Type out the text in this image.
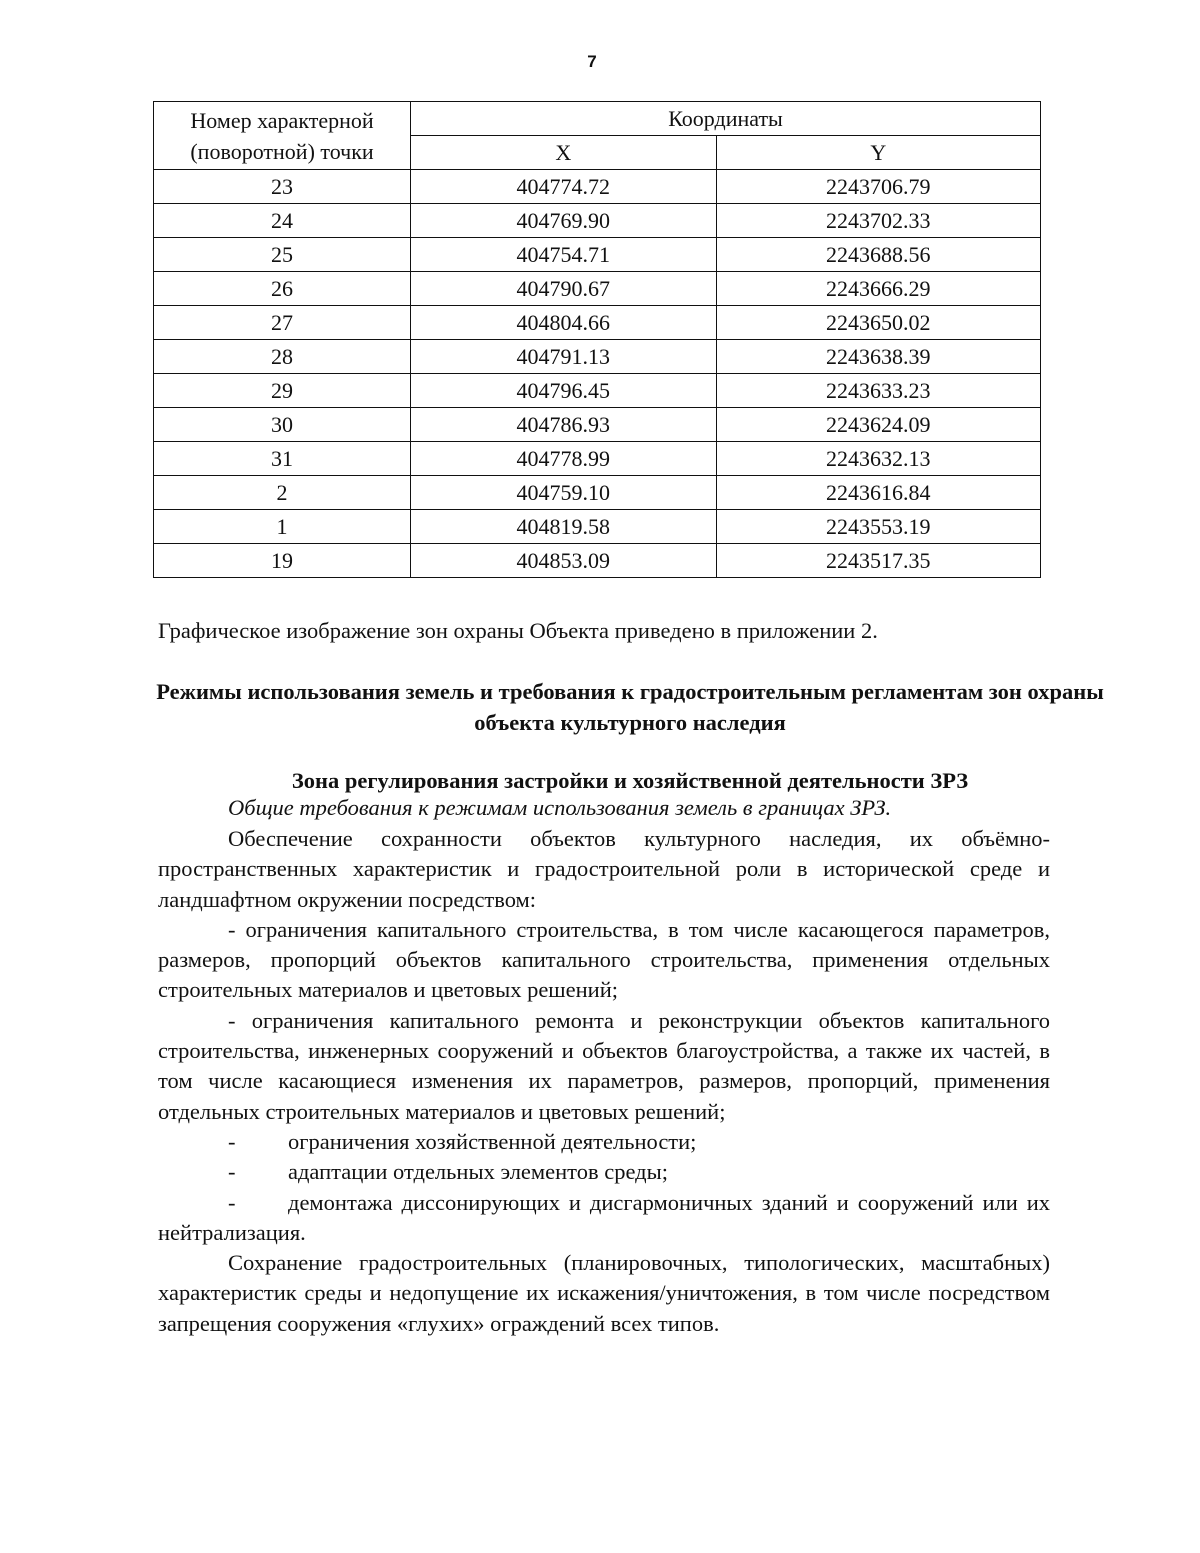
7
Номер характерной (поворотной) точки	Координаты	
	X	Y
23	404774.72	2243706.79
24	404769.90	2243702.33
25	404754.71	2243688.56
26	404790.67	2243666.29
27	404804.66	2243650.02
28	404791.13	2243638.39
29	404796.45	2243633.23
30	404786.93	2243624.09
31	404778.99	2243632.13
2	404759.10	2243616.84
1	404819.58	2243553.19
19	404853.09	2243517.35
Графическое изображение зон охраны Объекта приведено в приложении 2.
Режимы использования земель и требования к градостроительным регламентам зон охраны объекта культурного наследия
Зона регулирования застройки и хозяйственной деятельности ЗРЗ
Общие требования к режимам использования земель в границах ЗРЗ.

Обеспечение сохранности объектов культурного наследия, их объёмно-пространственных характеристик и градостроительной роли в исторической среде и ландшафтном окружении посредством:

- ограничения капитального строительства, в том числе касающегося параметров, размеров, пропорций объектов капитального строительства, применения отдельных строительных материалов и цветовых решений;

- ограничения капитального ремонта и реконструкции объектов капитального строительства, инженерных сооружений и объектов благоустройства, а также их частей, в том числе касающиеся изменения их параметров, размеров, пропорций, применения отдельных строительных материалов и цветовых решений;

- ограничения хозяйственной деятельности;

- адаптации отдельных элементов среды;

- демонтажа диссонирующих и дисгармоничных зданий и сооружений или их нейтрализация.

Сохранение градостроительных (планировочных, типологических, масштабных) характеристик среды и недопущение их искажения/уничтожения, в том числе посредством запрещения сооружения «глухих» ограждений всех типов.
